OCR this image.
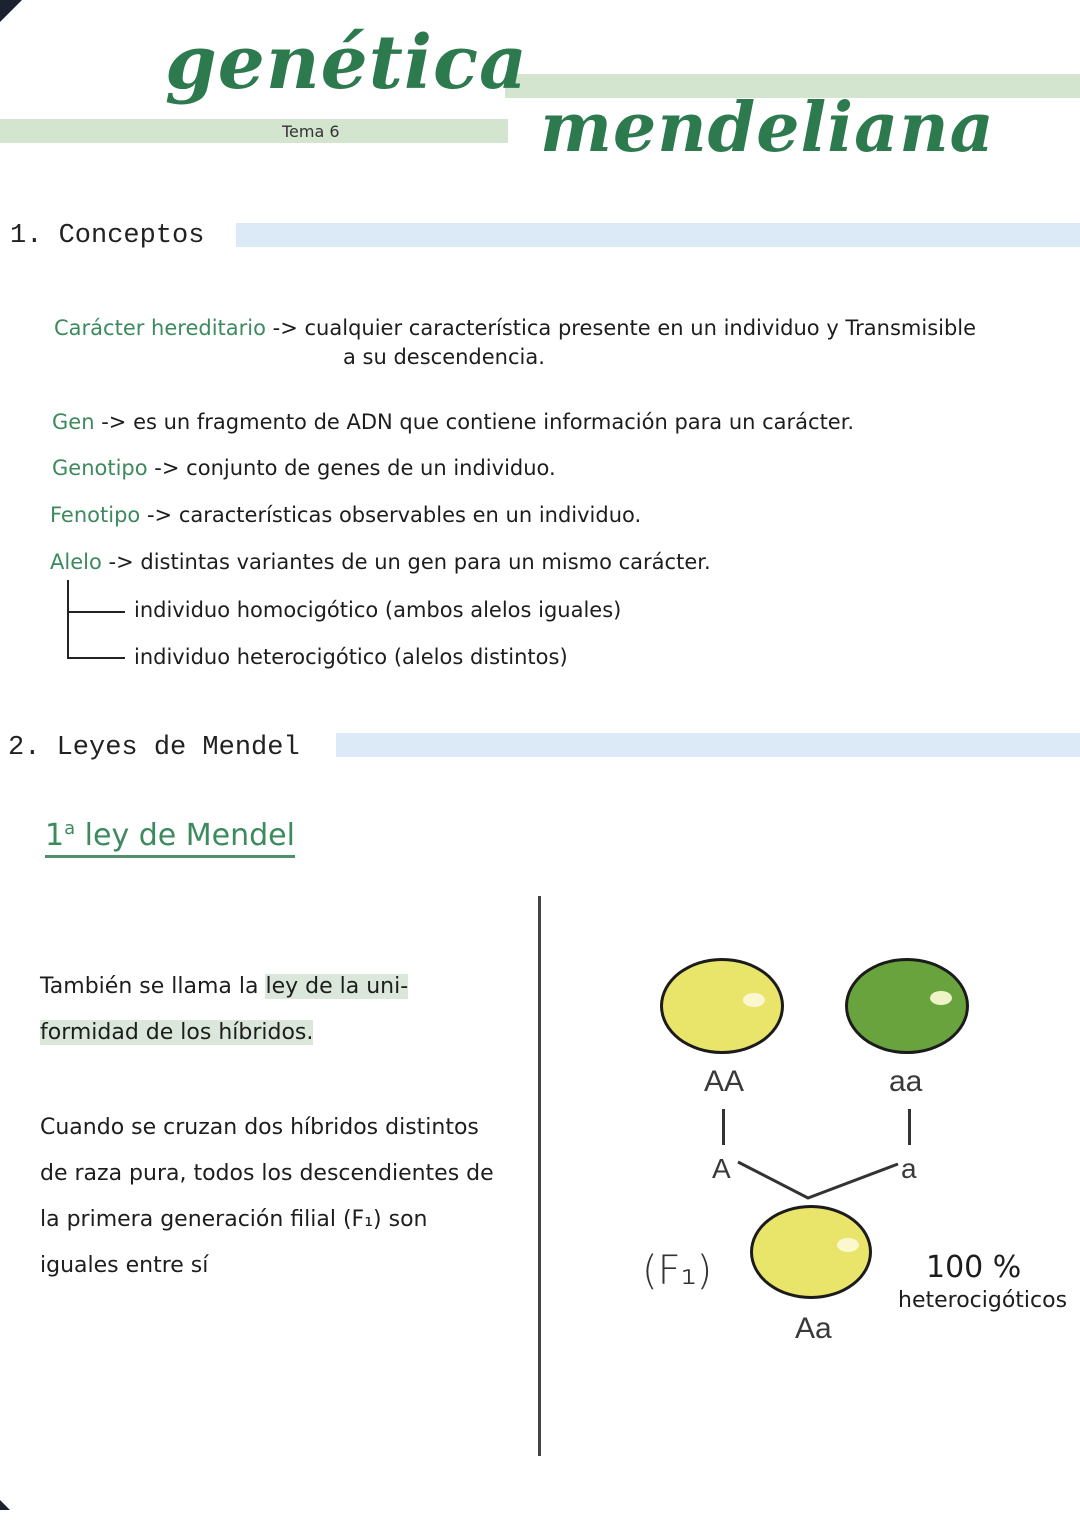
genética
Tema 6	mendeliana
1. Conceptos
Carácter hereditario -> cualquier característica presente en un individuo y Transmisible
a su descendencia.
Gen -> es un fragmento de ADN que contiene información para un carácter.
Genotipo -> conjunto de genes de un individuo.
Fenotipo -> características observables en un individuo.
Alelo -> distintas variantes de un gen para un mismo carácter.
individuo homocigótico (ambos alelos iguales)
individuo heterocigótico (alelos distintos)
2. Leyes de Mendel
1$^a$ ley de Mendel
También se llama la ley de la uni-
formidad de los híbridos.
Cuando se cruzan dos híbridos distintos de raza pura, todos los descendientes de la primera generación filial (F₁) son iguales entre sí
AA	aa
A	a
(F₁)
Aa
100 %
heterocigóticos
